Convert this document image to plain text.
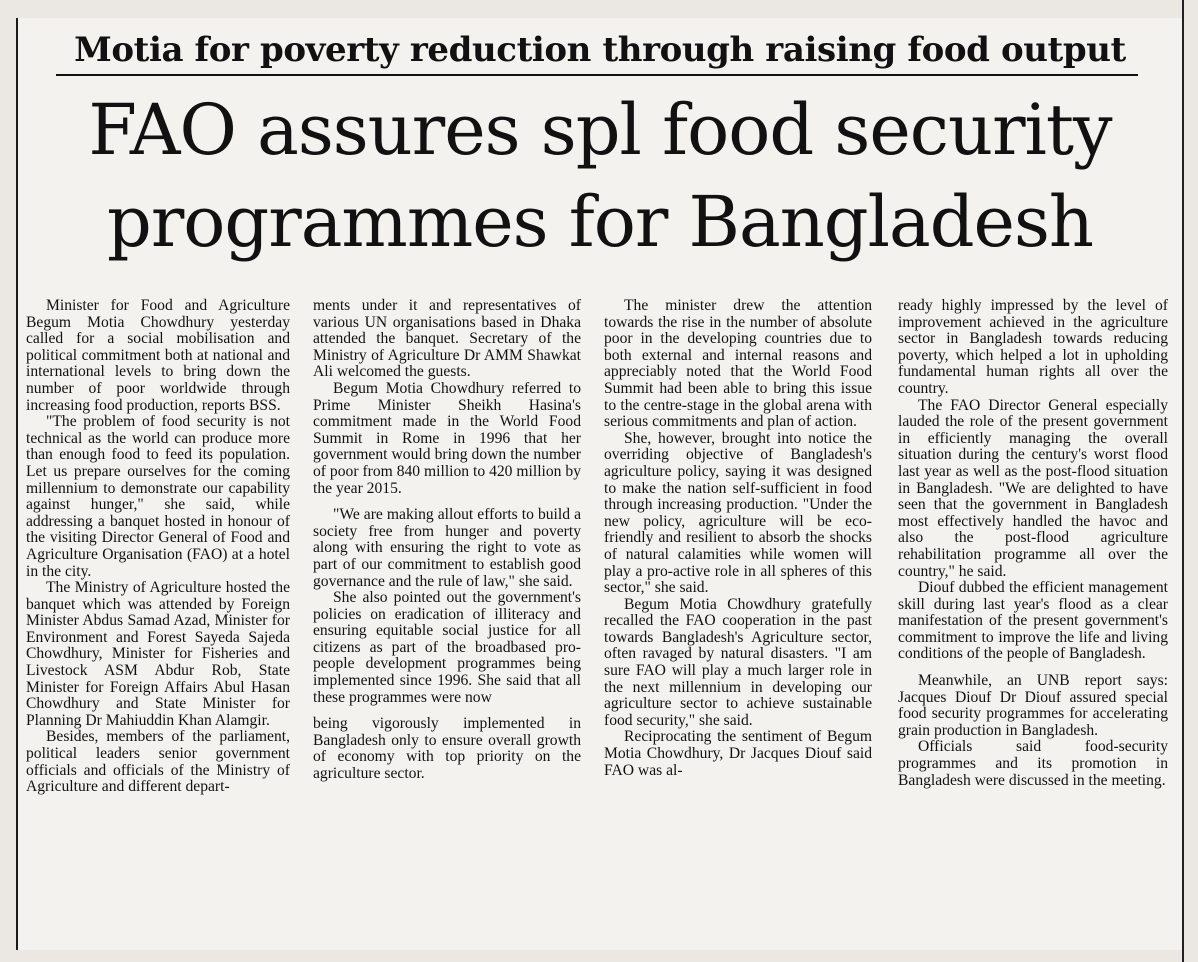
Motia for poverty reduction through raising food output
FAO assures spl food security
programmes for Bangladesh

Minister for Food and Agriculture Begum Motia Chowdhury yesterday called for a social mobilisation and political commitment both at national and international levels to bring down the number of poor worldwide through increasing food production, reports BSS.

"The problem of food security is not technical as the world can produce more than enough food to feed its population. Let us prepare ourselves for the coming millennium to demonstrate our capability against hunger," she said, while addressing a banquet hosted in honour of the visiting Director General of Food and Agriculture Organisation (FAO) at a hotel in the city.

The Ministry of Agriculture hosted the banquet which was attended by Foreign Minister Abdus Samad Azad, Minister for Environment and Forest Sayeda Sajeda Chowdhury, Minister for Fisheries and Livestock ASM Abdur Rob, State Minister for Foreign Affairs Abul Hasan Chowdhury and State Minister for Planning Dr Mahiuddin Khan Alamgir.

Besides, members of the parliament, political leaders senior government officials and officials of the Ministry of Agriculture and different depart-

ments under it and representatives of various UN organisations based in Dhaka attended the banquet. Secretary of the Ministry of Agriculture Dr AMM Shawkat Ali welcomed the guests.

Begum Motia Chowdhury referred to Prime Minister Sheikh Hasina's commitment made in the World Food Summit in Rome in 1996 that her government would bring down the number of poor from 840 million to 420 million by the year 2015.

"We are making allout efforts to build a society free from hunger and poverty along with ensuring the right to vote as part of our commitment to establish good governance and the rule of law," she said.

She also pointed out the government's policies on eradication of illiteracy and ensuring equitable social justice for all citizens as part of the broadbased pro-people development programmes being implemented since 1996. She said that all these programmes were now

being vigorously implemented in Bangladesh only to ensure overall growth of economy with top priority on the agriculture sector.

The minister drew the attention towards the rise in the number of absolute poor in the developing countries due to both external and internal reasons and appreciably noted that the World Food Summit had been able to bring this issue to the centre-stage in the global arena with serious commitments and plan of action.

She, however, brought into notice the overriding objective of Bangladesh's agriculture policy, saying it was designed to make the nation self-sufficient in food through increasing production. "Under the new policy, agriculture will be eco-friendly and resilient to absorb the shocks of natural calamities while women will play a pro-active role in all spheres of this sector," she said.

Begum Motia Chowdhury gratefully recalled the FAO cooperation in the past towards Bangladesh's Agriculture sector, often ravaged by natural disasters. "I am sure FAO will play a much larger role in the next millennium in developing our agriculture sector to achieve sustainable food security," she said.

Reciprocating the sentiment of Begum Motia Chowdhury, Dr Jacques Diouf said FAO was al-

ready highly impressed by the level of improvement achieved in the agriculture sector in Bangladesh towards reducing poverty, which helped a lot in upholding fundamental human rights all over the country.

The FAO Director General especially lauded the role of the present government in efficiently managing the overall situation during the century's worst flood last year as well as the post-flood situation in Bangladesh. "We are delighted to have seen that the government in Bangladesh most effectively handled the havoc and also the post-flood agriculture rehabilitation programme all over the country," he said.

Diouf dubbed the efficient management skill during last year's flood as a clear manifestation of the present government's commitment to improve the life and living conditions of the people of Bangladesh.

Meanwhile, an UNB report says: Jacques Diouf Dr Diouf assured special food security programmes for accelerating grain production in Bangladesh.

Officials said food-security programmes and its promotion in Bangladesh were discussed in the meeting.
